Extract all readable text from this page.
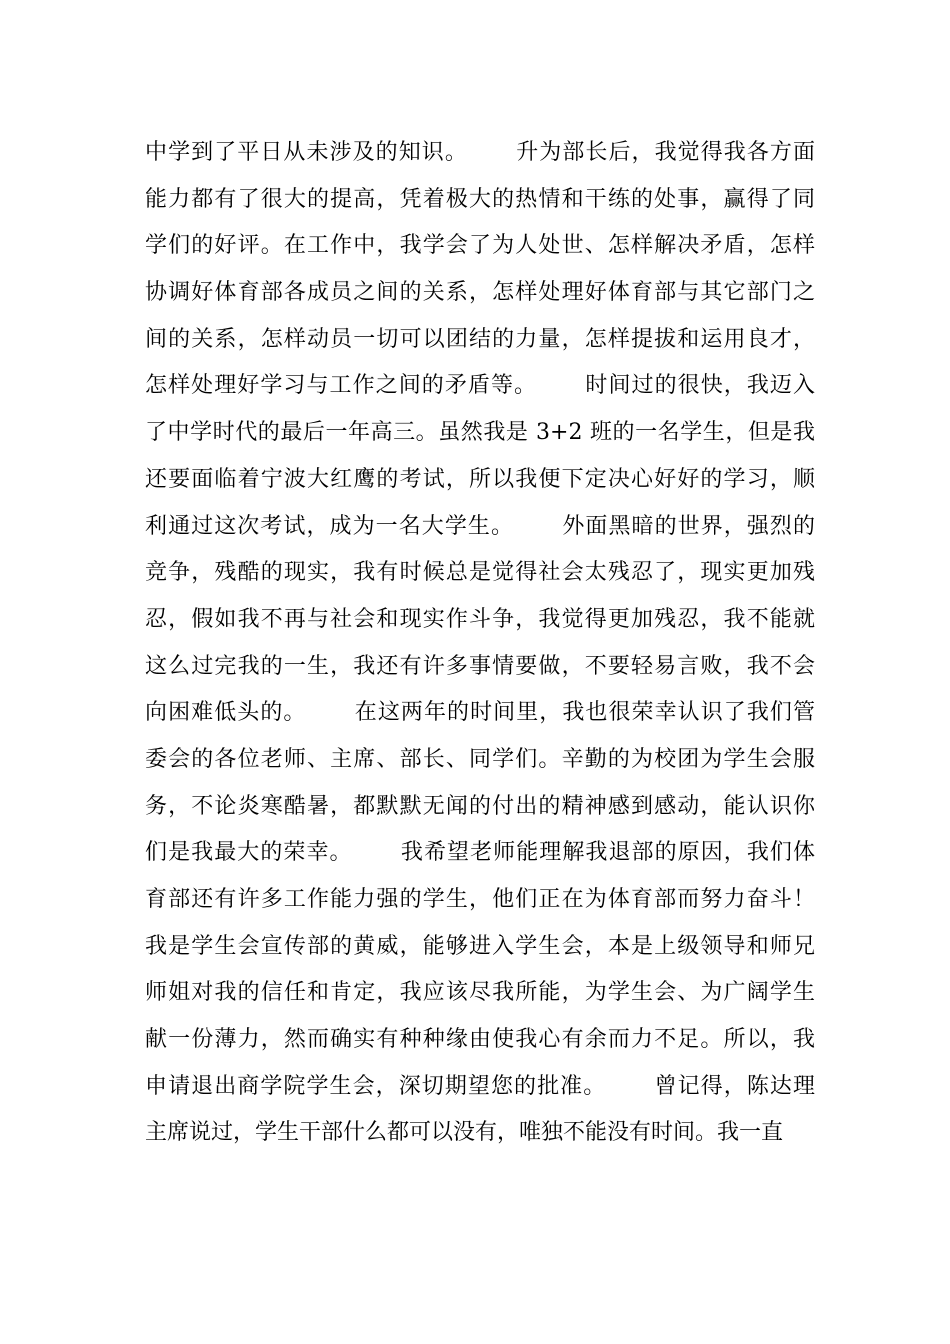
中学到了平日从未涉及的知识。      升为部长后，我觉得我各方面
能力都有了很大的提高，凭着极大的热情和干练的处事，赢得了同
学们的好评。在工作中，我学会了为人处世、怎样解决矛盾，怎样
协调好体育部各成员之间的关系，怎样处理好体育部与其它部门之
间的关系，怎样动员一切可以团结的力量，怎样提拔和运用良才，
怎样处理好学习与工作之间的矛盾等。      时间过的很快，我迈入
了中学时代的最后一年高三。虽然我是 3+2 班的一名学生，但是我
还要面临着宁波大红鹰的考试，所以我便下定决心好好的学习，顺
利通过这次考试，成为一名大学生。      外面黑暗的世界，强烈的
竞争，残酷的现实，我有时候总是觉得社会太残忍了，现实更加残
忍，假如我不再与社会和现实作斗争，我觉得更加残忍，我不能就
这么过完我的一生，我还有许多事情要做，不要轻易言败，我不会
向困难低头的。      在这两年的时间里，我也很荣幸认识了我们管
委会的各位老师、主席、部长、同学们。辛勤的为校团为学生会服
务，不论炎寒酷暑，都默默无闻的付出的精神感到感动，能认识你
们是我最大的荣幸。      我希望老师能理解我退部的原因，我们体
育部还有许多工作能力强的学生，他们正在为体育部而努力奋斗！
我是学生会宣传部的黄威，能够进入学生会，本是上级领导和师兄
师姐对我的信任和肯定，我应该尽我所能，为学生会、为广阔学生
献一份薄力，然而确实有种种缘由使我心有余而力不足。所以，我
申请退出商学院学生会，深切期望您的批准。      曾记得，陈达理
主席说过，学生干部什么都可以没有，唯独不能没有时间。我一直
